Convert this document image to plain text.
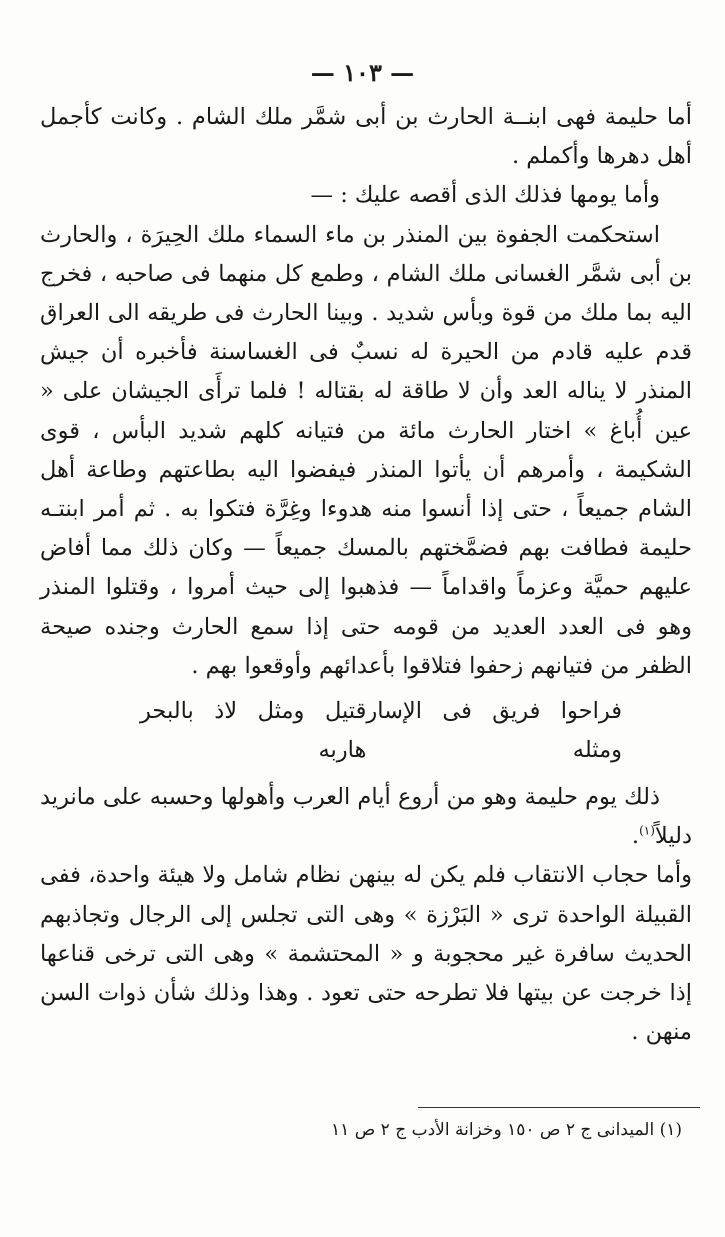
— ١٠٣ —

أما حليمة فهى ابنــة الحارث بن أبى شمَّر ملك الشام . وكانت كأجمل أهل دهرها وأكملم .

وأما يومها فذلك الذى أقصه عليك : —

استحكمت الجفوة بين المنذر بن ماء السماء ملك الحِيرَة ، والحارث بن أبى شمَّر الغسانى ملك الشام ، وطمع كل منهما فى صاحبه ، فخرج اليه بما ملك من قوة وبأس شديد . وبينا الحارث فى طريقه الى العراق قدم عليه قادم من الحيرة له نسبٌ فى الغساسنة فأخبره أن جيش المنذر لا يناله العد وأن لا طاقة له بقتاله ! فلما ترأَى الجيشان على « عين أُباغ » اختار الحارث مائة من فتيانه كلهم شديد البأس ، قوى الشكيمة ، وأمرهم أن يأتوا المنذر فيفضوا اليه بطاعتهم وطاعة أهل الشام جميعاً ، حتى إذا أنسوا منه هدوءا وغِرَّة فتكوا به . ثم أمر ابنتـه حليمة فطافت بهم فضمَّختهم بالمسك جميعاً — وكان ذلك مما أفاض عليهم حميَّة وعزماً واقداماً — فذهبوا إلى حيث أمروا ، وقتلوا المنذر وهو فى العدد العديد من قومه حتى إذا سمع الحارث وجنده صيحة الظفر من فتيانهم زحفوا فتلاقوا بأعدائهم وأوقعوا بهم .

فراحوا فريق فى الإسار ومثله
قتيل ومثل لاذ بالبحر هاربه

ذلك يوم حليمة وهو من أروع أيام العرب وأهولها وحسبه على مانريد دليلاً$^{(١)}$.

وأما حجاب الانتقاب فلم يكن له بينهن نظام شامل ولا هيئة واحدة، ففى القبيلة الواحدة ترى « البَرْزة » وهى التى تجلس إلى الرجال وتجاذبهم الحديث سافرة غير محجوبة و « المحتشمة » وهى التى ترخى قناعها إذا خرجت عن بيتها فلا تطرحه حتى تعود . وهذا وذلك شأن ذوات السن منهن .

(١) الميدانى ج ٢ ص ١٥٠ وخزانة الأدب ج ٢ ص ١١
